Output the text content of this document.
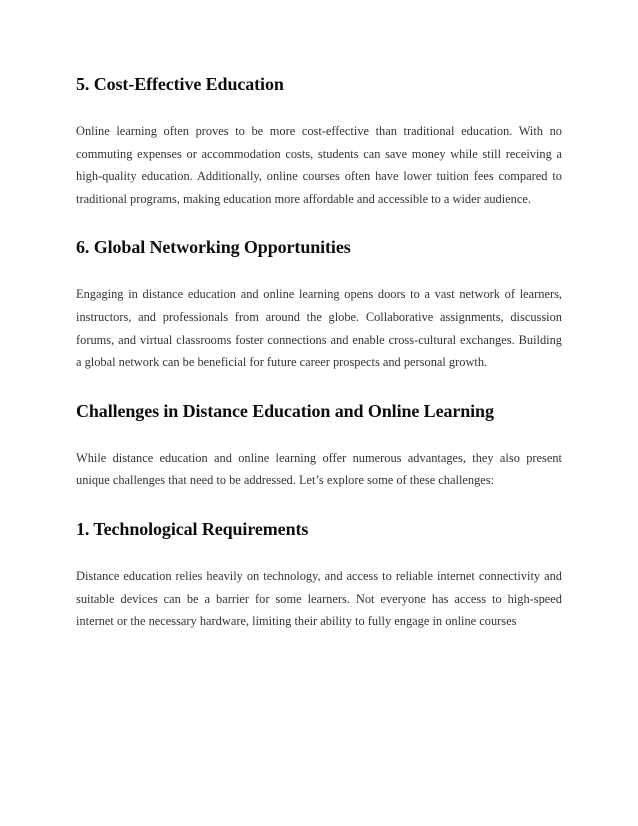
5. Cost-Effective Education

Online learning often proves to be more cost-effective than traditional education. With no commuting expenses or accommodation costs, students can save money while still receiving a high-quality education. Additionally, online courses often have lower tuition fees compared to traditional programs, making education more affordable and accessible to a wider audience.

6. Global Networking Opportunities

Engaging in distance education and online learning opens doors to a vast network of learners, instructors, and professionals from around the globe. Collaborative assignments, discussion forums, and virtual classrooms foster connections and enable cross-cultural exchanges. Building a global network can be beneficial for future career prospects and personal growth.

Challenges in Distance Education and Online Learning

While distance education and online learning offer numerous advantages, they also present unique challenges that need to be addressed. Let’s explore some of these challenges:

1. Technological Requirements

Distance education relies heavily on technology, and access to reliable internet connectivity and suitable devices can be a barrier for some learners. Not everyone has access to high-speed internet or the necessary hardware, limiting their ability to fully engage in online courses
